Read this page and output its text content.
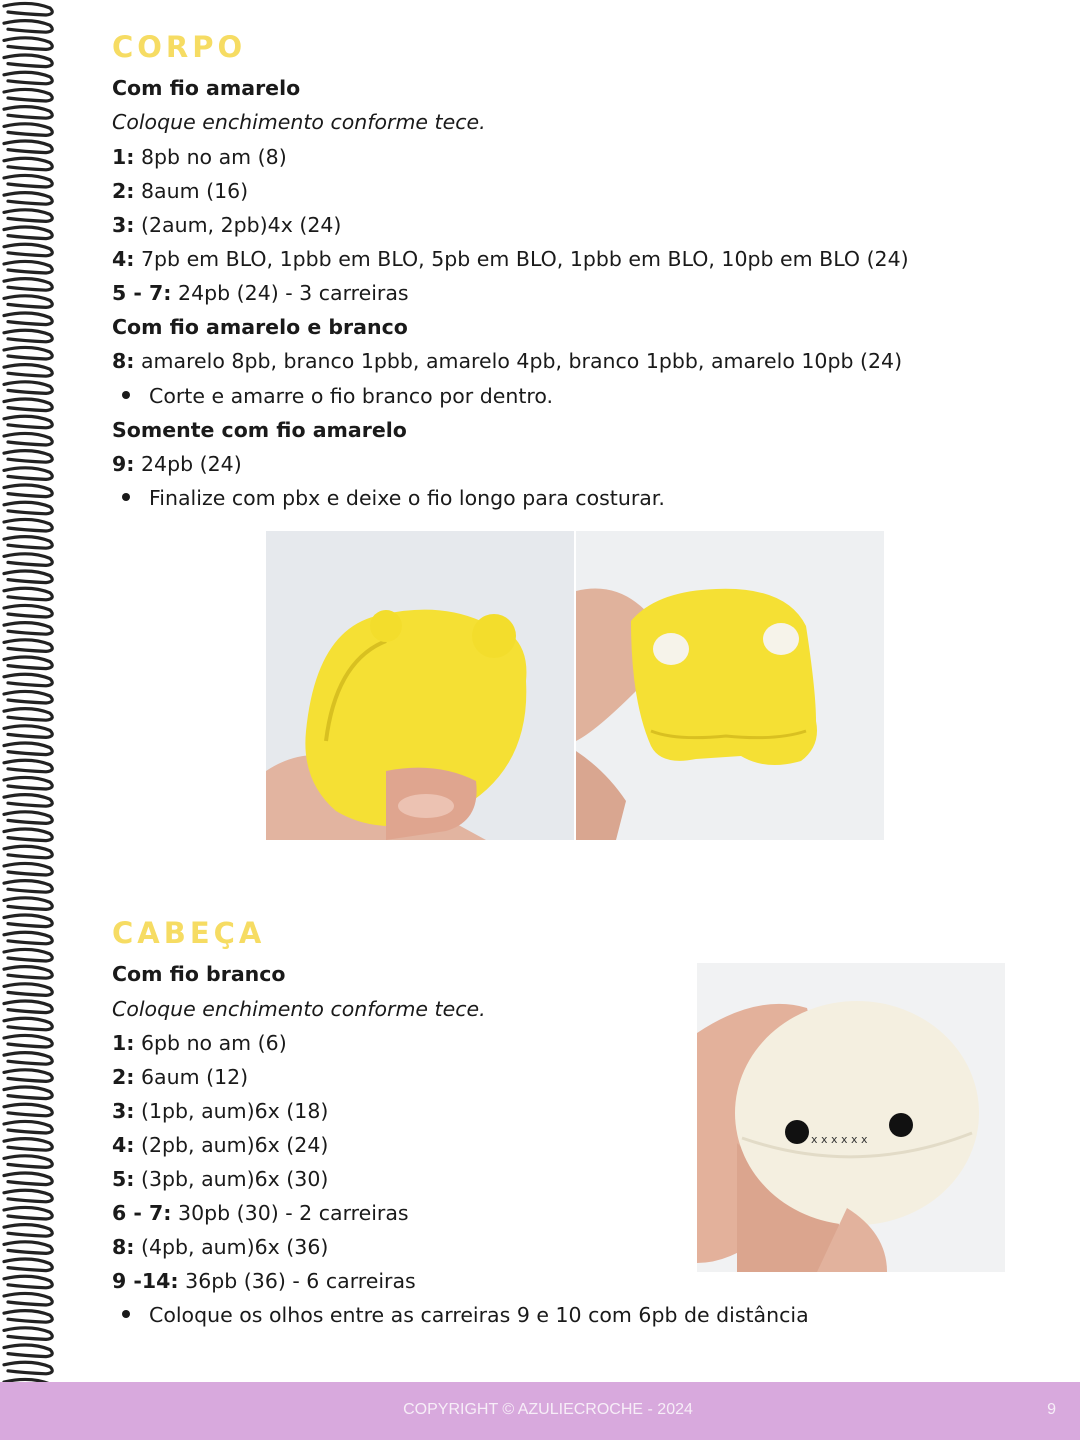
CORPO
Com fio amarelo
Coloque enchimento conforme tece.
1: 8pb no am (8)
2: 8aum (16)
3: (2aum, 2pb)4x (24)
4: 7pb em BLO, 1pbb em BLO, 5pb em BLO, 1pbb em BLO, 10pb em BLO (24)
5 - 7: 24pb (24) - 3 carreiras
Com fio amarelo e branco
8: amarelo 8pb, branco 1pbb, amarelo 4pb, branco 1pbb, amarelo 10pb (24)
Corte e amarre o fio branco por dentro.
Somente com fio amarelo
9: 24pb (24)
Finalize com pbx e deixe o fio longo para costurar.
CABEÇA
Com fio branco
Coloque enchimento conforme tece.
1: 6pb no am (6)
2: 6aum (12)
3: (1pb, aum)6x (18)
4: (2pb, aum)6x (24)
5: (3pb, aum)6x (30)
6 - 7: 30pb (30) - 2 carreiras
8: (4pb, aum)6x (36)
9 -14: 36pb (36) - 6 carreiras
Coloque os olhos entre as carreiras 9 e 10 com 6pb de distância
x x x x x x
COPYRIGHT © AZULIECROCHE - 2024	9
